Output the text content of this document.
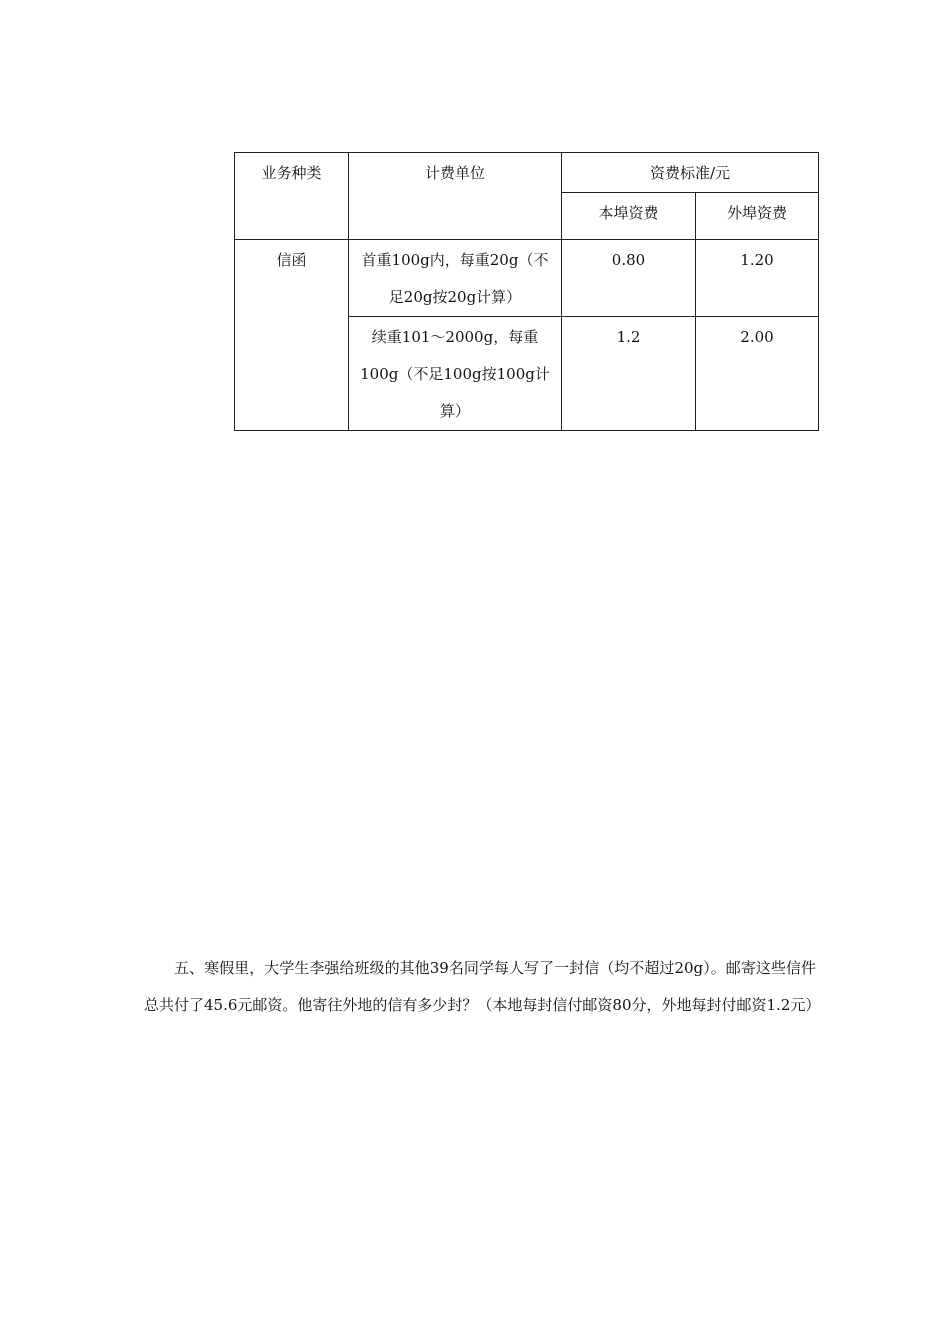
业务种类	计费单位	资费标准/元	
		本埠资费	外埠资费
信函	首重100g内，每重20g（不足20g按20g计算）	0.80	1.20
	续重101～2000g，每重100g（不足100g按100g计算）	1.2	2.00

五、寒假里，大学生李强给班级的其他39名同学每人写了一封信（均不超过20g）。邮寄这些信件总共付了45.6元邮资。他寄往外地的信有多少封？（本地每封信付邮资80分，外地每封付邮资1.2元）
